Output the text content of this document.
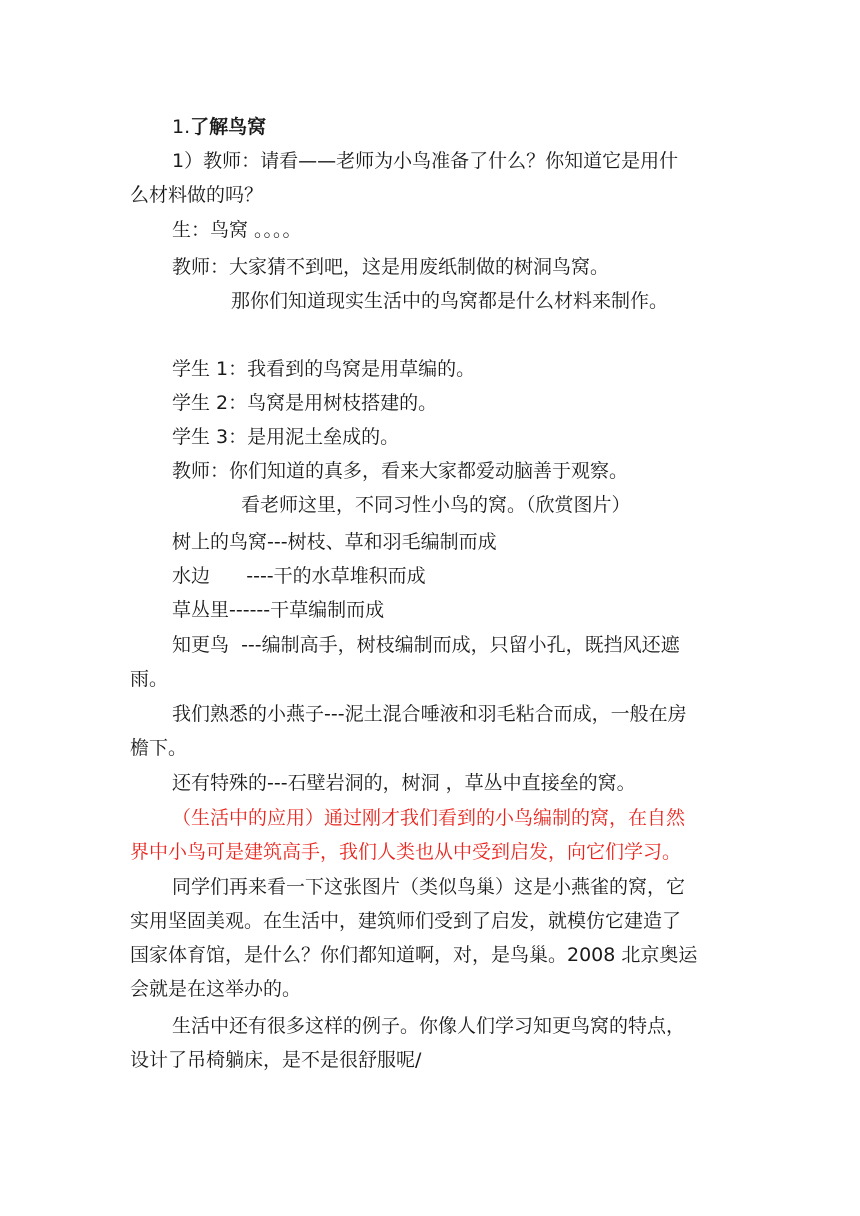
1.了解鸟窝
1）教师：请看——老师为小鸟准备了什么？你知道它是用什
么材料做的吗？
生：鸟窝 。。。。
教师：大家猜不到吧，这是用废纸制做的树洞鸟窝。
那你们知道现实生活中的鸟窝都是什么材料来制作。
学生 1：我看到的鸟窝是用草编的。
学生 2：鸟窝是用树枝搭建的。
学生 3：是用泥土垒成的。
教师：你们知道的真多，看来大家都爱动脑善于观察。
看老师这里，不同习性小鸟的窝。（欣赏图片）
树上的鸟窝---树枝、草和羽毛编制而成
水边      ----干的水草堆积而成
草丛里------干草编制而成
知更鸟  ---编制高手，树枝编制而成，只留小孔，既挡风还遮
雨。
我们熟悉的小燕子---泥土混合唾液和羽毛粘合而成，一般在房
檐下。
还有特殊的---石壁岩洞的，树洞 ，草丛中直接垒的窝。
（生活中的应用）通过刚才我们看到的小鸟编制的窝，在自然
界中小鸟可是建筑高手，我们人类也从中受到启发，向它们学习。
同学们再来看一下这张图片（类似鸟巢）这是小燕雀的窝，它
实用坚固美观。在生活中，建筑师们受到了启发，就模仿它建造了
国家体育馆，是什么？你们都知道啊，对，是鸟巢。2008 北京奥运
会就是在这举办的。
生活中还有很多这样的例子。你像人们学习知更鸟窝的特点，
设计了吊椅躺床，是不是很舒服呢/
